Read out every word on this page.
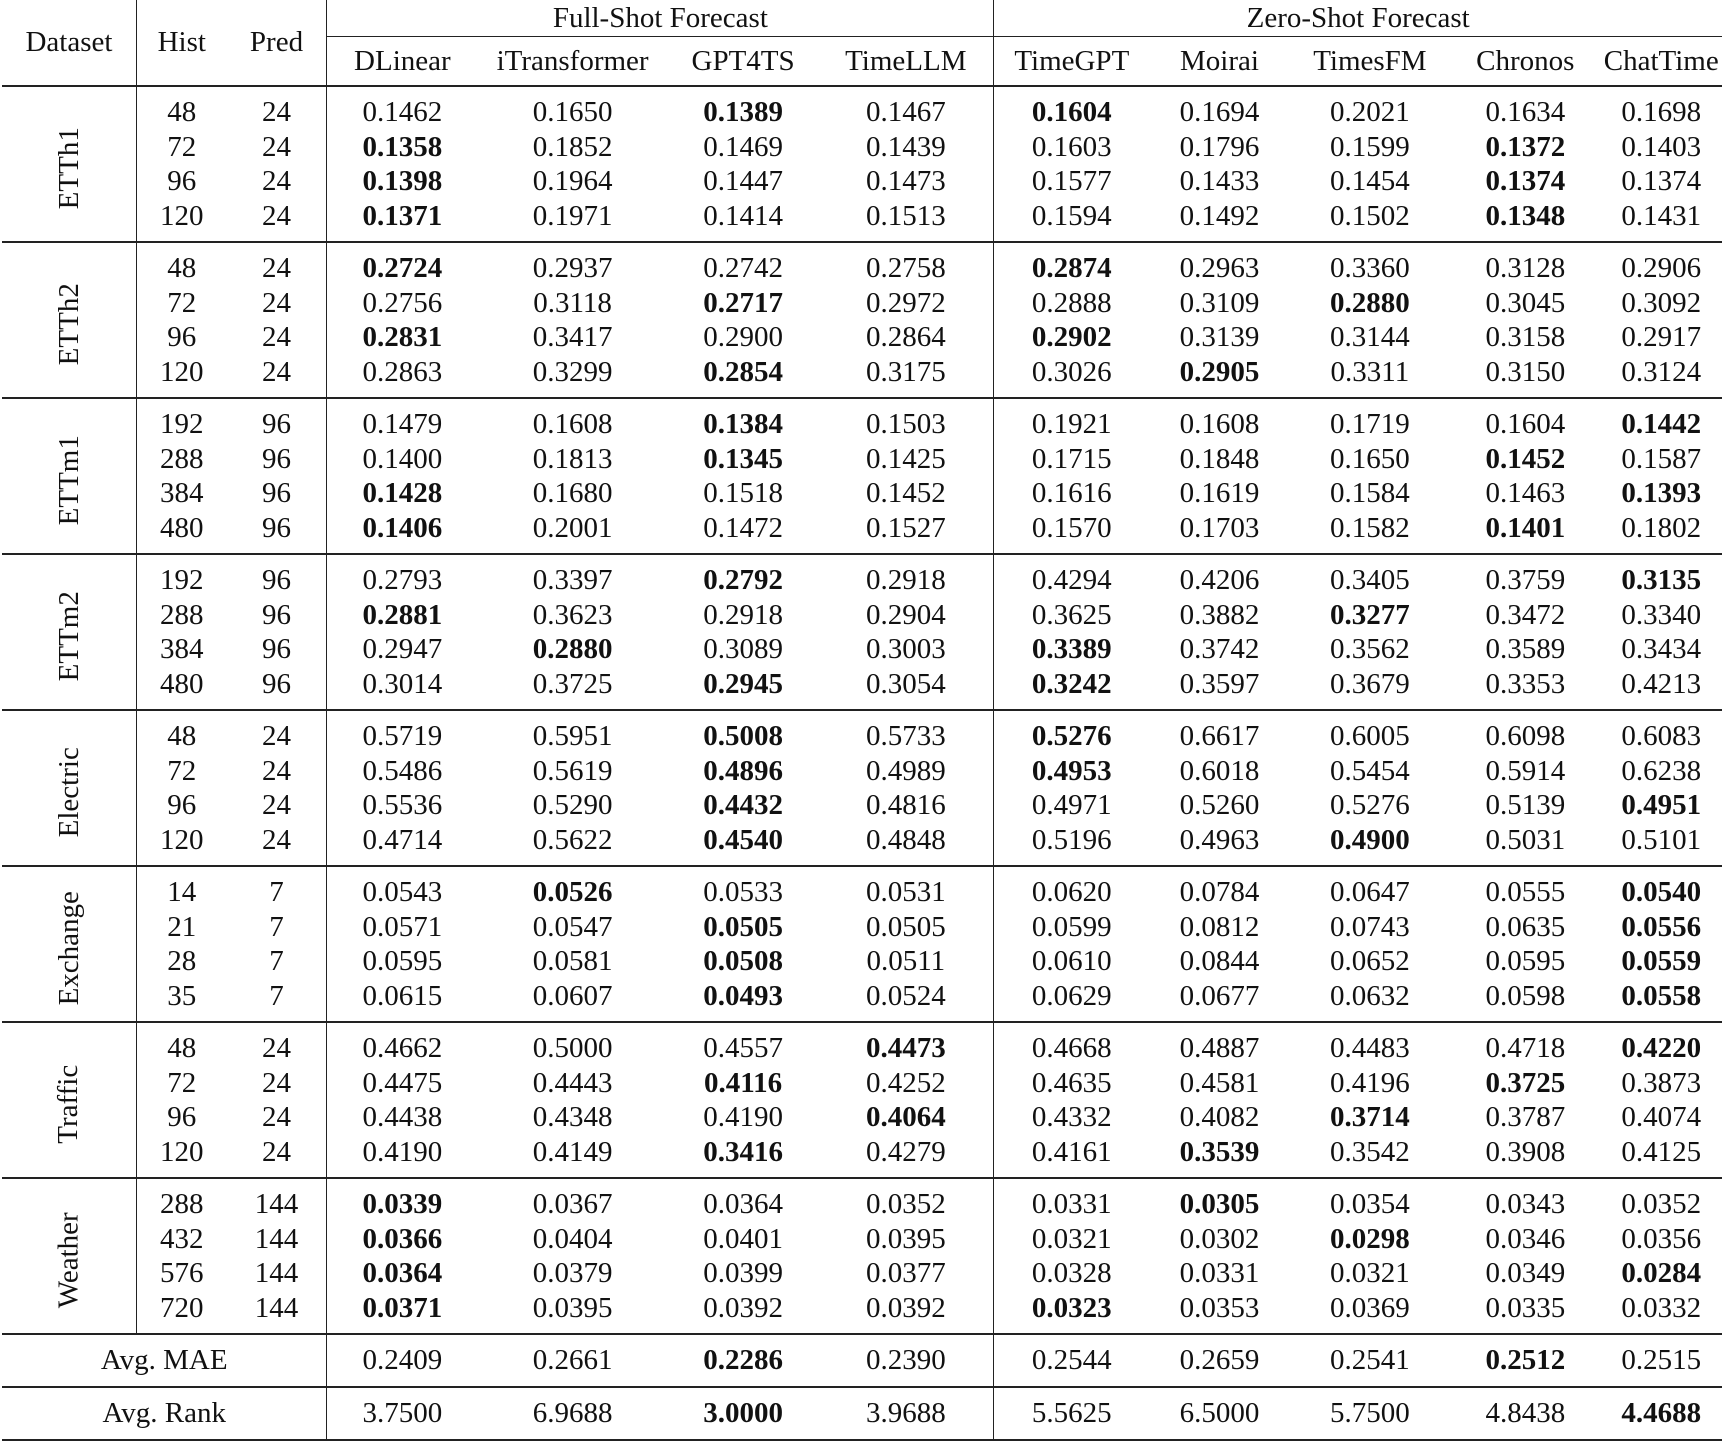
Dataset	Hist	Pred	Full-Shot Forecast				Zero-Shot Forecast				
			DLinear	iTransformer	GPT4TS	TimeLLM	TimeGPT	Moirai	TimesFM	Chronos	ChatTime
ETTh1	48	24	0.1462	0.1650	0.1389	0.1467	0.1604	0.1694	0.2021	0.1634	0.1698
	72	24	0.1358	0.1852	0.1469	0.1439	0.1603	0.1796	0.1599	0.1372	0.1403
	96	24	0.1398	0.1964	0.1447	0.1473	0.1577	0.1433	0.1454	0.1374	0.1374
	120	24	0.1371	0.1971	0.1414	0.1513	0.1594	0.1492	0.1502	0.1348	0.1431
ETTh2	48	24	0.2724	0.2937	0.2742	0.2758	0.2874	0.2963	0.3360	0.3128	0.2906
	72	24	0.2756	0.3118	0.2717	0.2972	0.2888	0.3109	0.2880	0.3045	0.3092
	96	24	0.2831	0.3417	0.2900	0.2864	0.2902	0.3139	0.3144	0.3158	0.2917
	120	24	0.2863	0.3299	0.2854	0.3175	0.3026	0.2905	0.3311	0.3150	0.3124
ETTm1	192	96	0.1479	0.1608	0.1384	0.1503	0.1921	0.1608	0.1719	0.1604	0.1442
	288	96	0.1400	0.1813	0.1345	0.1425	0.1715	0.1848	0.1650	0.1452	0.1587
	384	96	0.1428	0.1680	0.1518	0.1452	0.1616	0.1619	0.1584	0.1463	0.1393
	480	96	0.1406	0.2001	0.1472	0.1527	0.1570	0.1703	0.1582	0.1401	0.1802
ETTm2	192	96	0.2793	0.3397	0.2792	0.2918	0.4294	0.4206	0.3405	0.3759	0.3135
	288	96	0.2881	0.3623	0.2918	0.2904	0.3625	0.3882	0.3277	0.3472	0.3340
	384	96	0.2947	0.2880	0.3089	0.3003	0.3389	0.3742	0.3562	0.3589	0.3434
	480	96	0.3014	0.3725	0.2945	0.3054	0.3242	0.3597	0.3679	0.3353	0.4213
Electric	48	24	0.5719	0.5951	0.5008	0.5733	0.5276	0.6617	0.6005	0.6098	0.6083
	72	24	0.5486	0.5619	0.4896	0.4989	0.4953	0.6018	0.5454	0.5914	0.6238
	96	24	0.5536	0.5290	0.4432	0.4816	0.4971	0.5260	0.5276	0.5139	0.4951
	120	24	0.4714	0.5622	0.4540	0.4848	0.5196	0.4963	0.4900	0.5031	0.5101
Exchange	14	7	0.0543	0.0526	0.0533	0.0531	0.0620	0.0784	0.0647	0.0555	0.0540
	21	7	0.0571	0.0547	0.0505	0.0505	0.0599	0.0812	0.0743	0.0635	0.0556
	28	7	0.0595	0.0581	0.0508	0.0511	0.0610	0.0844	0.0652	0.0595	0.0559
	35	7	0.0615	0.0607	0.0493	0.0524	0.0629	0.0677	0.0632	0.0598	0.0558
Traffic	48	24	0.4662	0.5000	0.4557	0.4473	0.4668	0.4887	0.4483	0.4718	0.4220
	72	24	0.4475	0.4443	0.4116	0.4252	0.4635	0.4581	0.4196	0.3725	0.3873
	96	24	0.4438	0.4348	0.4190	0.4064	0.4332	0.4082	0.3714	0.3787	0.4074
	120	24	0.4190	0.4149	0.3416	0.4279	0.4161	0.3539	0.3542	0.3908	0.4125
Weather	288	144	0.0339	0.0367	0.0364	0.0352	0.0331	0.0305	0.0354	0.0343	0.0352
	432	144	0.0366	0.0404	0.0401	0.0395	0.0321	0.0302	0.0298	0.0346	0.0356
	576	144	0.0364	0.0379	0.0399	0.0377	0.0328	0.0331	0.0321	0.0349	0.0284
	720	144	0.0371	0.0395	0.0392	0.0392	0.0323	0.0353	0.0369	0.0335	0.0332
Avg. MAE			0.2409	0.2661	0.2286	0.2390	0.2544	0.2659	0.2541	0.2512	0.2515
Avg. Rank			3.7500	6.9688	3.0000	3.9688	5.5625	6.5000	5.7500	4.8438	4.4688
